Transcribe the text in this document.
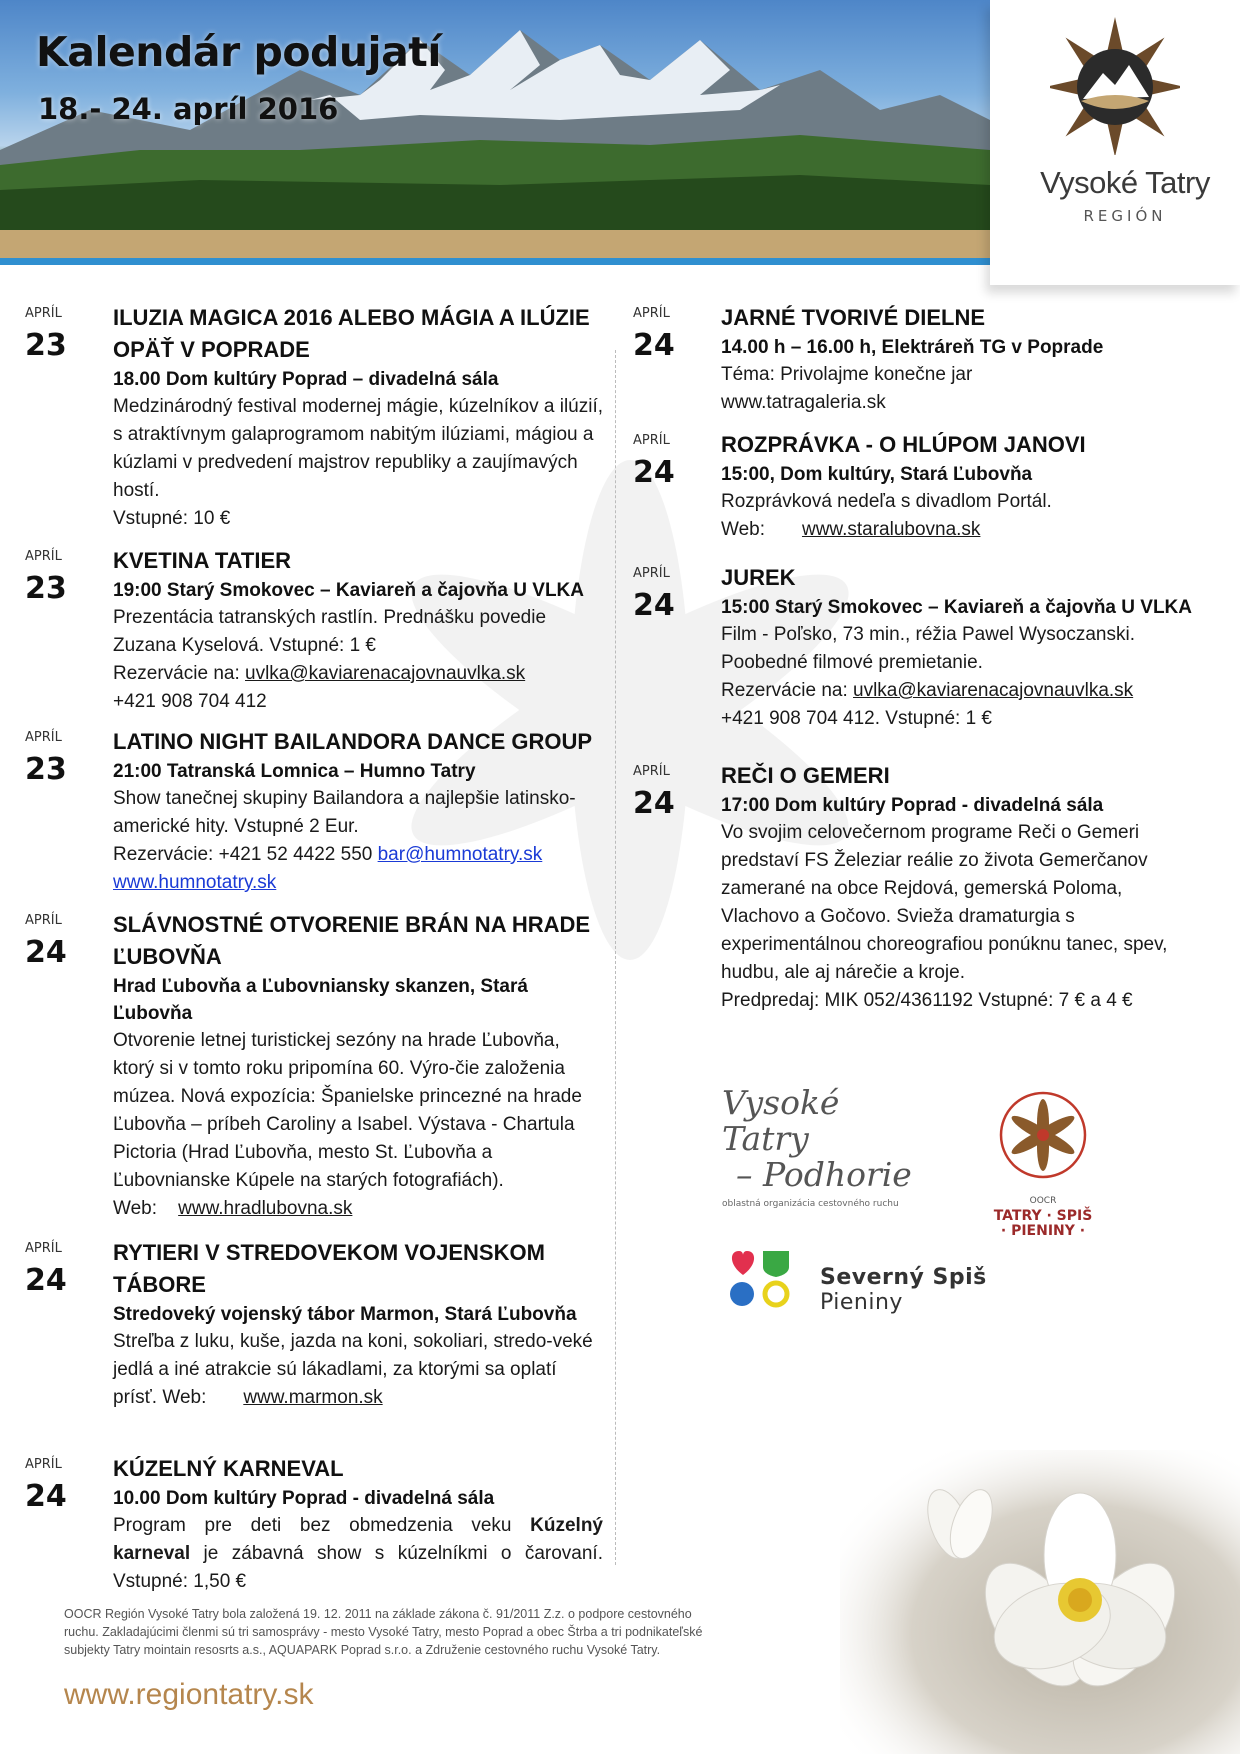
Kalendár podujatí
18.- 24. apríl 2016
Vysoké Tatry
REGIÓN
APRÍL
23
ILUZIA MAGICA 2016 ALEBO MÁGIA A ILÚZIE OPÄŤ V POPRADE
18.00 Dom kultúry Poprad – divadelná sála
Medzinárodný festival modernej mágie, kúzelníkov a ilúzií, s atraktívnym galaprogramom nabitým ilúziami, mágiou a kúzlami v predvedení majstrov republiky a zaujímavých hostí.
Vstupné: 10 €
APRÍL
23
KVETINA TATIER
19:00 Starý Smokovec – Kaviareň a čajovňa U VLKA
Prezentácia tatranských rastlín. Prednášku povedie Zuzana Kyselová. Vstupné: 1 €
Rezervácie na: uvlka@kaviarenacajovnauvlka.sk
+421 908 704 412
APRÍL
23
LATINO NIGHT BAILANDORA DANCE GROUP
21:00 Tatranská Lomnica – Humno Tatry
Show tanečnej skupiny Bailandora a najlepšie latinsko-americké hity. Vstupné 2 Eur.
Rezervácie: +421 52 4422 550 bar@humnotatry.sk
www.humnotatry.sk
APRÍL
24
SLÁVNOSTNÉ OTVORENIE BRÁN NA HRADE ĽUBOVŇA
Hrad Ľubovňa a Ľubovniansky skanzen, Stará Ľubovňa
Otvorenie letnej turistickej sezóny na hrade Ľubovňa, ktorý si v tomto roku pripomína 60. Výro-čie založenia múzea. Nová expozícia: Španielske princezné na hrade Ľubovňa – príbeh Caroliny a Isabel. Výstava - Chartula Pictoria (Hrad Ľubovňa, mesto St. Ľubovňa a Ľubovnianske Kúpele na starých fotografiách). Web: www.hradlubovna.sk
APRÍL
24
RYTIERI V STREDOVEKOM VOJENSKOM TÁBORE
Stredoveký vojenský tábor Marmon, Stará Ľubovňa
Streľba z luku, kuše, jazda na koni, sokoliari, stredo-veké jedlá a iné atrakcie sú lákadlami, za ktorými sa oplatí prísť. Web: www.marmon.sk
APRÍL
24
KÚZELNÝ KARNEVAL
10.00 Dom kultúry Poprad - divadelná sála
Program pre deti bez obmedzenia veku Kúzelný karneval je zábavná show s kúzelníkmi o čarovaní. Vstupné: 1,50 €
APRÍL
24
JARNÉ TVORIVÉ DIELNE
14.00 h – 16.00 h, Elektráreň TG v Poprade
Téma: Privolajme konečne jar
www.tatragaleria.sk
APRÍL
24
ROZPRÁVKA - O HLÚPOM JANOVI
15:00, Dom kultúry, Stará Ľubovňa
Rozprávková nedeľa s divadlom Portál.
Web: www.staralubovna.sk
APRÍL
24
JUREK
15:00 Starý Smokovec – Kaviareň a čajovňa U VLKA
Film - Poľsko, 73 min., réžia Pawel Wysoczanski. Poobedné filmové premietanie.
Rezervácie na: uvlka@kaviarenacajovnauvlka.sk
+421 908 704 412. Vstupné: 1 €
APRÍL
24
REČI O GEMERI
17:00 Dom kultúry Poprad - divadelná sála
Vo svojim celovečernom programe Reči o Gemeri predstaví FS Železiar reálie zo života Gemerčanov zamerané na obce Rejdová, gemerská Poloma, Vlachovo a Gočovo. Svieža dramaturgia s experimentálnou choreografiou ponúknu tanec, spev, hudbu, ale aj nárečie a kroje.
Predpredaj: MIK 052/4361192 Vstupné: 7 € a 4 €
Vysoké Tatry
– Podhorie
oblastná organizácia cestovného ruchu	OOCR
TATRY · SPIŠ
· PIENINY ·
Severný Spiš Pieniny
OOCR Región Vysoké Tatry bola založená 19. 12. 2011 na základe zákona č. 91/2011 Z.z. o podpore cestovného ruchu. Zakladajúcimi členmi sú tri samosprávy - mesto Vysoké Tatry, mesto Poprad a obec Štrba a tri podnikateľské subjekty Tatry mointain resosrts a.s., AQUAPARK Poprad s.r.o. a Združenie cestovného ruchu Vysoké Tatry.
www.regiontatry.sk
